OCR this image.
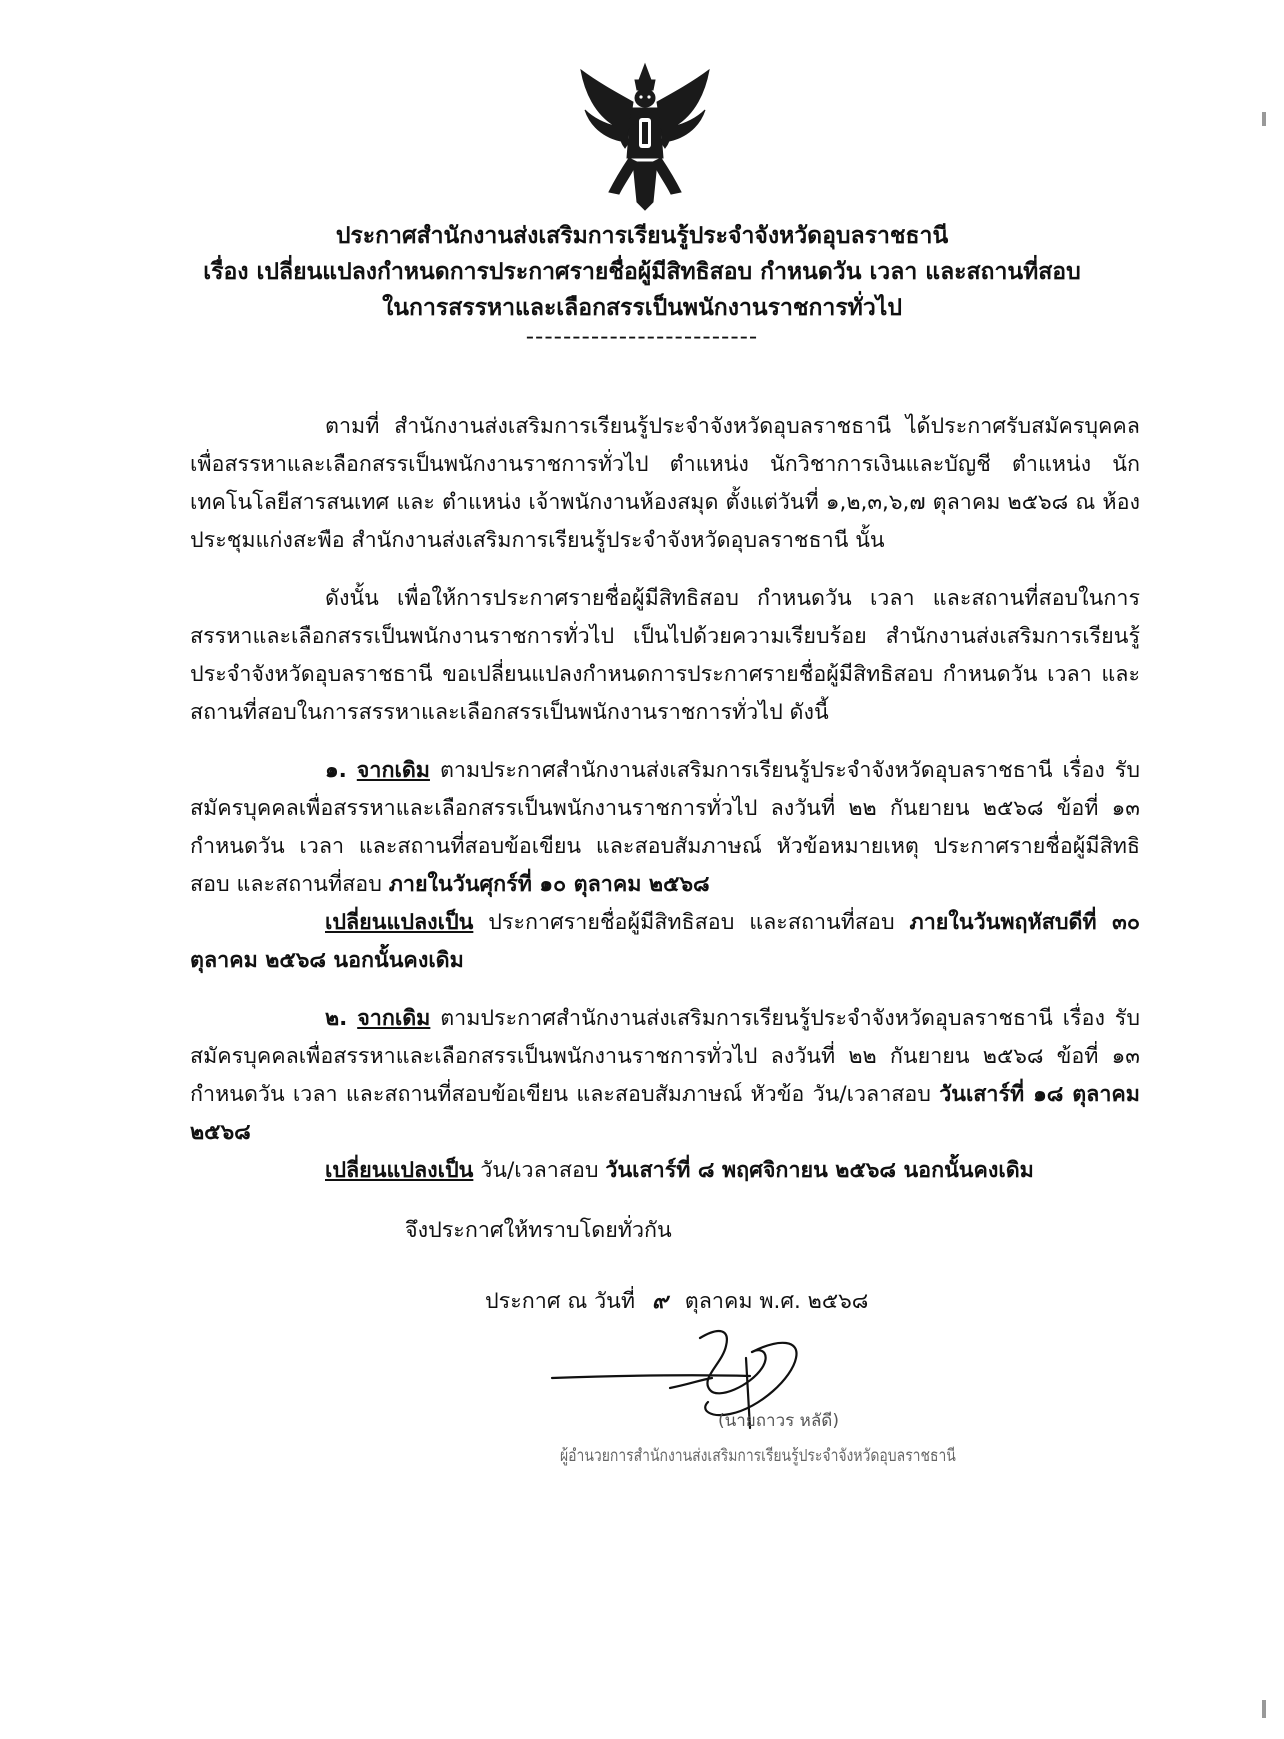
ประกาศสำนักงานส่งเสริมการเรียนรู้ประจำจังหวัดอุบลราชธานี
เรื่อง เปลี่ยนแปลงกำหนดการประกาศรายชื่อผู้มีสิทธิสอบ กำหนดวัน เวลา และสถานที่สอบ
ในการสรรหาและเลือกสรรเป็นพนักงานราชการทั่วไป
-------------------------
ตามที่ สำนักงานส่งเสริมการเรียนรู้ประจำจังหวัดอุบลราชธานี ได้ประกาศรับสมัครบุคคลเพื่อสรรหาและเลือกสรรเป็นพนักงานราชการทั่วไป ตำแหน่ง นักวิชาการเงินและบัญชี ตำแหน่ง นักเทคโนโลยีสารสนเทศ และ ตำแหน่ง เจ้าพนักงานห้องสมุด ตั้งแต่วันที่ ๑,๒,๓,๖,๗ ตุลาคม ๒๕๖๘ ณ ห้องประชุมแก่งสะพือ สำนักงานส่งเสริมการเรียนรู้ประจำจังหวัดอุบลราชธานี นั้น
ดังนั้น เพื่อให้การประกาศรายชื่อผู้มีสิทธิสอบ กำหนดวัน เวลา และสถานที่สอบในการสรรหาและเลือกสรรเป็นพนักงานราชการทั่วไป เป็นไปด้วยความเรียบร้อย สำนักงานส่งเสริมการเรียนรู้ประจำจังหวัดอุบลราชธานี ขอเปลี่ยนแปลงกำหนดการประกาศรายชื่อผู้มีสิทธิสอบ กำหนดวัน เวลา และสถานที่สอบในการสรรหาและเลือกสรรเป็นพนักงานราชการทั่วไป ดังนี้
๑. จากเดิม ตามประกาศสำนักงานส่งเสริมการเรียนรู้ประจำจังหวัดอุบลราชธานี เรื่อง รับสมัครบุคคลเพื่อสรรหาและเลือกสรรเป็นพนักงานราชการทั่วไป ลงวันที่ ๒๒ กันยายน ๒๕๖๘ ข้อที่ ๑๓ กำหนดวัน เวลา และสถานที่สอบข้อเขียน และสอบสัมภาษณ์ หัวข้อหมายเหตุ ประกาศรายชื่อผู้มีสิทธิสอบ และสถานที่สอบ ภายในวันศุกร์ที่ ๑๐ ตุลาคม ๒๕๖๘
เปลี่ยนแปลงเป็น ประกาศรายชื่อผู้มีสิทธิสอบ และสถานที่สอบ ภายในวันพฤหัสบดีที่ ๓๐ ตุลาคม ๒๕๖๘ นอกนั้นคงเดิม
๒. จากเดิม ตามประกาศสำนักงานส่งเสริมการเรียนรู้ประจำจังหวัดอุบลราชธานี เรื่อง รับสมัครบุคคลเพื่อสรรหาและเลือกสรรเป็นพนักงานราชการทั่วไป ลงวันที่ ๒๒ กันยายน ๒๕๖๘ ข้อที่ ๑๓ กำหนดวัน เวลา และสถานที่สอบข้อเขียน และสอบสัมภาษณ์ หัวข้อ วัน/เวลาสอบ วันเสาร์ที่ ๑๘ ตุลาคม ๒๕๖๘
เปลี่ยนแปลงเป็น วัน/เวลาสอบ วันเสาร์ที่ ๘ พฤศจิกายน ๒๕๖๘ นอกนั้นคงเดิม
จึงประกาศให้ทราบโดยทั่วกัน
ประกาศ ณ วันที่ ๙ ตุลาคม พ.ศ. ๒๕๖๘
(นายถาวร หลัดี)
ผู้อำนวยการสำนักงานส่งเสริมการเรียนรู้ประจำจังหวัดอุบลราชธานี
